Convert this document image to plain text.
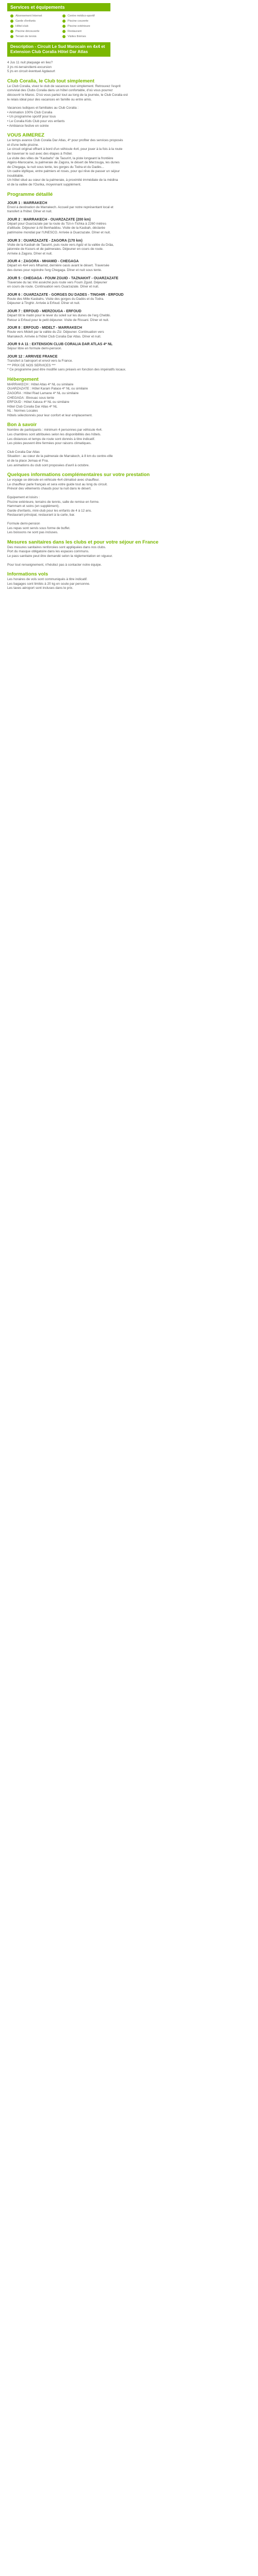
Services et équipements
Abonnement Internet	Centre médico-sportif
Garde d'enfants	Piscine couverte
Hôtel-club	Piscine extérieure
Piscine découverte	Restaurant
Terrain de tennis	Visites thèmes
Description - Circuit Le Sud Marocain en 4x4 et Extension Club Coralia Hôtel Dar Atlas
4 Jus 11 nuit plaquage en lieu?
3 jrs mi-terrain/demi-excursion
5 jrs en circuit éventuel Agdaourt
Club Coralia, le Club tout simplement
Le Club Coralia, vivez le club de vacances tout simplement. Retrouvez l'esprit
convivial des Clubs Coralia dans un hôtel confortable, d'où vous pourrez
découvrir le Maroc. D'où vous partez tout au long de la journée, le Club Coralia est
le relais idéal pour des vacances en famille ou entre amis.
Vacances ludiques et familiales au Club Coralia :
• Animation 100% Club Coralia
• Un programme sportif pour tous
• Le Coralia Kids Club pour vos enfants
• Ambiance festive en soirée
VOUS AIMEREZ
Le temps avance Club Coralia Dar Atlas, 4* pour profiter des services proposés
et d'une belle piscine.
Le circuit original offrant à bord d'un véhicule 4x4, pour jouer à la fois à la route
de traverser le sud avec des étapes à l'hôtel.
La visite des villes de "Kasbahs" de Taourirt, la piste longeant la frontière
Algéro-Marocaine, la palmeraie de Zagora, le désert de Merzouga, les dunes
de Chegaga, la nuit sous tente, les gorges du Todra et du Dadès...
Un cadre idyllique, entre palmiers et roses, pour qui rêve de passer un séjour
inoubliable.
Un hôtel situé au cœur de la palmeraie, à proximité immédiate de la médina
et de la vallée de l'Ourika, moyennant supplément.
Programme détaillé
JOUR 1 : MARRAKECH
Envol à destination de Marrakech. Accueil par notre représentant local et
transfert à l'hôtel. Dîner et nuit.
JOUR 2 : MARRAKECH - OUARZAZATE (200 km)
Départ pour Ouarzazate par la route du Tizi-n-Tichka à 2260 mètres
d'altitude. Déjeuner à Ait Benhaddou. Visite de la Kasbah, déclarée
patrimoine mondial par l'UNESCO. Arrivée à Ouarzazate. Dîner et nuit.
JOUR 3 : OUARZAZATE - ZAGORA (170 km)
Visite de la Kasbah de Taourirt, puis route vers Agdz et la vallée du Drâa,
jalonnée de Ksours et de palmeraies. Déjeuner en cours de route.
Arrivée à Zagora. Dîner et nuit.
JOUR 4 : ZAGORA - MHAMID - CHEGAGA
Départ en 4x4 vers Mhamid, dernière oasis avant le désert. Traversée
des dunes pour rejoindre l'erg Chegaga. Dîner et nuit sous tente.
JOUR 5 : CHEGAGA - FOUM ZGUID - TAZNAKHT - OUARZAZATE
Traversée du lac Iriki asséché puis route vers Foum Zguid. Déjeuner
en cours de route. Continuation vers Ouarzazate. Dîner et nuit.
JOUR 6 : OUARZAZATE - GORGES DU DADES - TINGHIR - ERFOUD
Route des Mille Kasbahs. Visite des gorges du Dadès et du Todra.
Déjeuner à Tinghir. Arrivée à Erfoud. Dîner et nuit.
JOUR 7 : ERFOUD - MERZOUGA - ERFOUD
Départ tôt le matin pour le lever du soleil sur les dunes de l'erg Chebbi.
Retour à Erfoud pour le petit déjeuner. Visite de Rissani. Dîner et nuit.
JOUR 8 : ERFOUD - MIDELT - MARRAKECH
Route vers Midelt par la vallée du Ziz. Déjeuner. Continuation vers
Marrakech. Arrivée à l'hôtel Club Coralia Dar Atlas. Dîner et nuit.
JOUR 9 A 11 : EXTENSION CLUB CORALIA DAR ATLAS 4* NL
Séjour libre en formule demi-pension.
JOUR 12 : ARRIVEE FRANCE
Transfert à l'aéroport et envol vers la France.
*** PRIX DE NOS SERVICES ***
* Ce programme peut être modifié sans préavis en fonction des impératifs locaux.
Hébergement
MARRAKECH : Hôtel Atlas 4* NL ou similaire
OUARZAZATE : Hôtel Karam Palace 4* NL ou similaire
ZAGORA : Hôtel Riad Lamane 4* NL ou similaire
CHEGAGA : Bivouac sous tente
ERFOUD : Hôtel Xaluca 4* NL ou similaire
Hôtel Club Coralia Dar Atlas 4* NL
NL : Normes Locales
Hôtels sélectionnés pour leur confort et leur emplacement.
Bon à savoir
Nombre de participants : minimum 4 personnes par véhicule 4x4.
Les chambres sont attribuées selon les disponibilités des hôtels.
Les distances et temps de route sont donnés à titre indicatif.
Les pistes peuvent être fermées pour raisons climatiques.
Club Coralia Dar Atlas
Situation : au cœur de la palmeraie de Marrakech, à 8 km du centre-ville
et de la place Jemaa el Fna.
Les animations du club sont proposées d'avril à octobre.
Quelques informations complémentaires sur votre prestation
Le voyage se déroule en véhicule 4x4 climatisé avec chauffeur.
Le chauffeur parle français et sera votre guide tout au long du circuit.
Prévoir des vêtements chauds pour la nuit dans le désert.
Equipement et loisirs :
Piscine extérieure, terrains de tennis, salle de remise en forme.
Hammam et soins (en supplément).
Garde d'enfants, mini-club pour les enfants de 4 à 12 ans.
Restaurant principal, restaurant à la carte, bar.
Formule demi-pension
Les repas sont servis sous forme de buffet.
Les boissons ne sont pas incluses.
Mesures sanitaires dans les clubs et pour votre séjour en France
Des mesures sanitaires renforcées sont appliquées dans nos clubs.
Port du masque obligatoire dans les espaces communs.
Le pass sanitaire peut être demandé selon la réglementation en vigueur.
Pour tout renseignement, n'hésitez pas à contacter notre équipe.
Informations vols
Les horaires de vols sont communiqués à titre indicatif.
Les bagages sont limités à 20 kg en soute par personne.
Les taxes aéroport sont incluses dans le prix.
